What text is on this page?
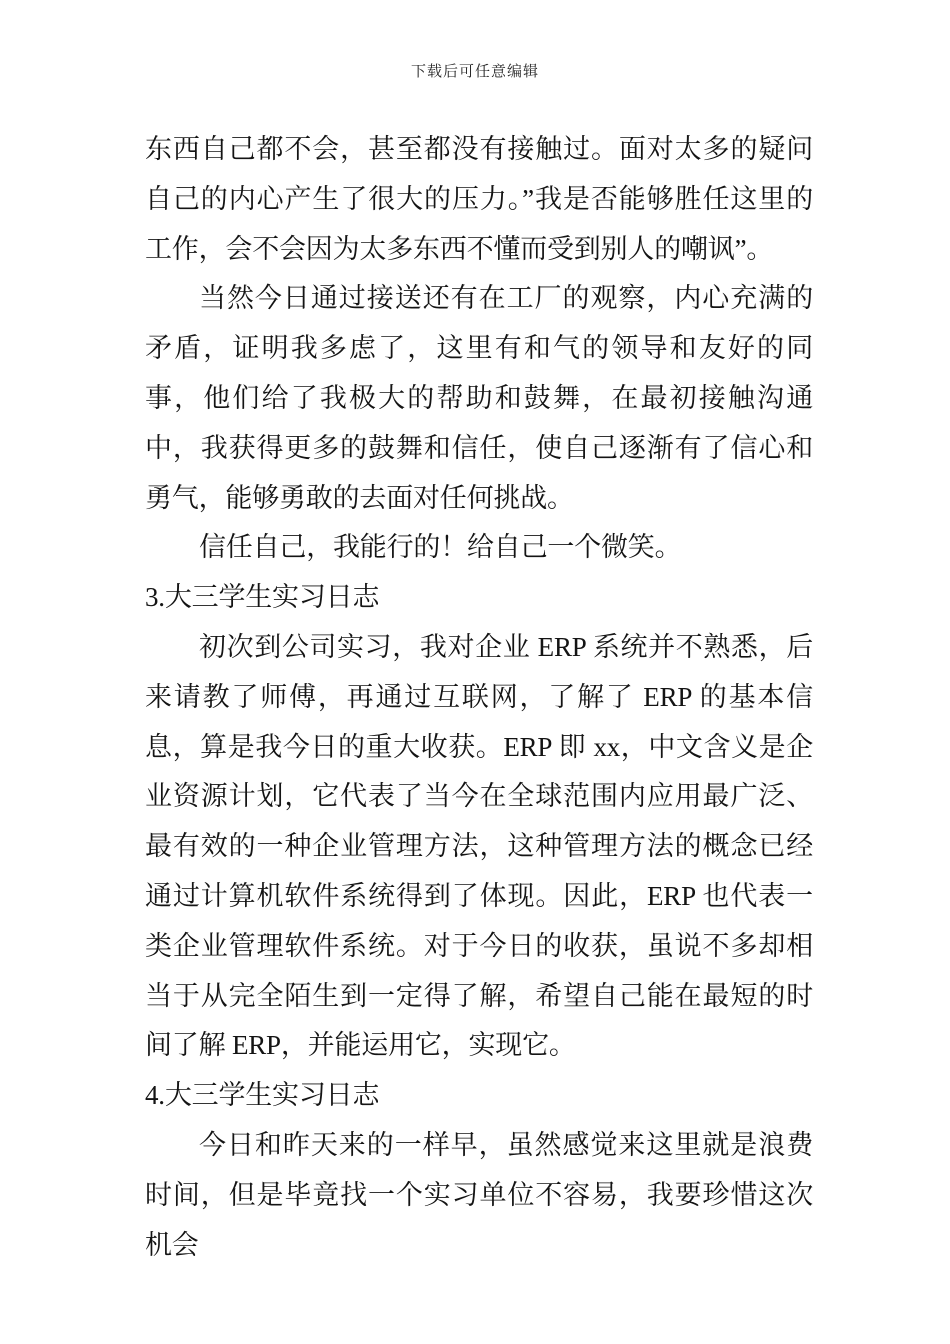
下载后可任意编辑

东西自己都不会，甚至都没有接触过。面对太多的疑问自己的内心产生了很大的压力。”我是否能够胜任这里的工作，会不会因为太多东西不懂而受到别人的嘲讽”。

当然今日通过接送还有在工厂的观察，内心充满的矛盾，证明我多虑了，这里有和气的领导和友好的同事，他们给了我极大的帮助和鼓舞，在最初接触沟通中，我获得更多的鼓舞和信任，使自己逐渐有了信心和勇气，能够勇敢的去面对任何挑战。

信任自己，我能行的！给自己一个微笑。

3.大三学生实习日志

初次到公司实习，我对企业 ERP 系统并不熟悉，后来请教了师傅，再通过互联网，了解了 ERP 的基本信息，算是我今日的重大收获。ERP 即 xx，中文含义是企业资源计划，它代表了当今在全球范围内应用最广泛、最有效的一种企业管理方法，这种管理方法的概念已经通过计算机软件系统得到了体现。因此，ERP 也代表一类企业管理软件系统。对于今日的收获，虽说不多却相当于从完全陌生到一定得了解，希望自己能在最短的时间了解 ERP，并能运用它，实现它。

4.大三学生实习日志

今日和昨天来的一样早，虽然感觉来这里就是浪费时间，但是毕竟找一个实习单位不容易，我要珍惜这次机会
